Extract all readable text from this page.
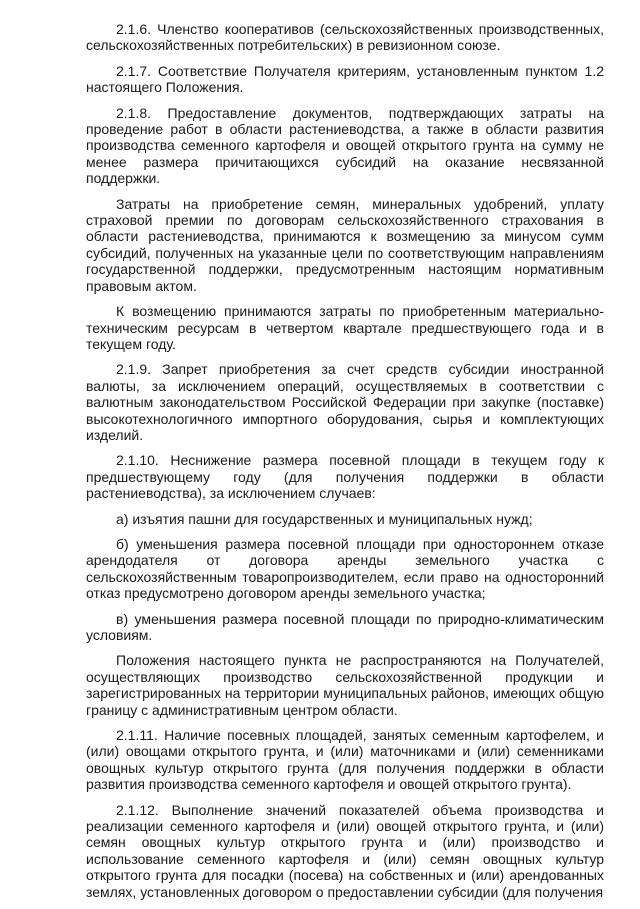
2.1.6. Членство кооперативов (сельскохозяйственных производственных, сельскохозяйственных потребительских) в ревизионном союзе.

2.1.7. Соответствие Получателя критериям, установленным пунктом 1.2 настоящего Положения.

2.1.8. Предоставление документов, подтверждающих затраты на проведение работ в области растениеводства, а также в области развития производства семенного картофеля и овощей открытого грунта на сумму не менее размера причитающихся субсидий на оказание несвязанной поддержки.

Затраты на приобретение семян, минеральных удобрений, уплату страховой премии по договорам сельскохозяйственного страхования в области растениеводства, принимаются к возмещению за минусом сумм субсидий, полученных на указанные цели по соответствующим направлениям государственной поддержки, предусмотренным настоящим нормативным правовым актом.

К возмещению принимаются затраты по приобретенным материально-техническим ресурсам в четвертом квартале предшествующего года и в текущем году.

2.1.9. Запрет приобретения за счет средств субсидии иностранной валюты, за исключением операций, осуществляемых в соответствии с валютным законодательством Российской Федерации при закупке (поставке) высокотехнологичного импортного оборудования, сырья и комплектующих изделий.

2.1.10. Неснижение размера посевной площади в текущем году к предшествующему году (для получения поддержки в области растениеводства), за исключением случаев:

а) изъятия пашни для государственных и муниципальных нужд;

б) уменьшения размера посевной площади при одностороннем отказе арендодателя от договора аренды земельного участка с сельскохозяйственным товаропроизводителем, если право на односторонний отказ предусмотрено договором аренды земельного участка;

в) уменьшения размера посевной площади по природно-климатическим условиям.

Положения настоящего пункта не распространяются на Получателей, осуществляющих производство сельскохозяйственной продукции и зарегистрированных на территории муниципальных районов, имеющих общую границу с административным центром области.

2.1.11. Наличие посевных площадей, занятых семенным картофелем, и (или) овощами открытого грунта, и (или) маточниками и (или) семенниками овощных культур открытого грунта (для получения поддержки в области развития производства семенного картофеля и овощей открытого грунта).

2.1.12. Выполнение значений показателей объема производства и реализации семенного картофеля и (или) овощей открытого грунта, и (или) семян овощных культур открытого грунта и (или) производство и использование семенного картофеля и (или) семян овощных культур открытого грунта для посадки (посева) на собственных и (или) арендованных землях, установленных договором о предоставлении субсидии (для получения
